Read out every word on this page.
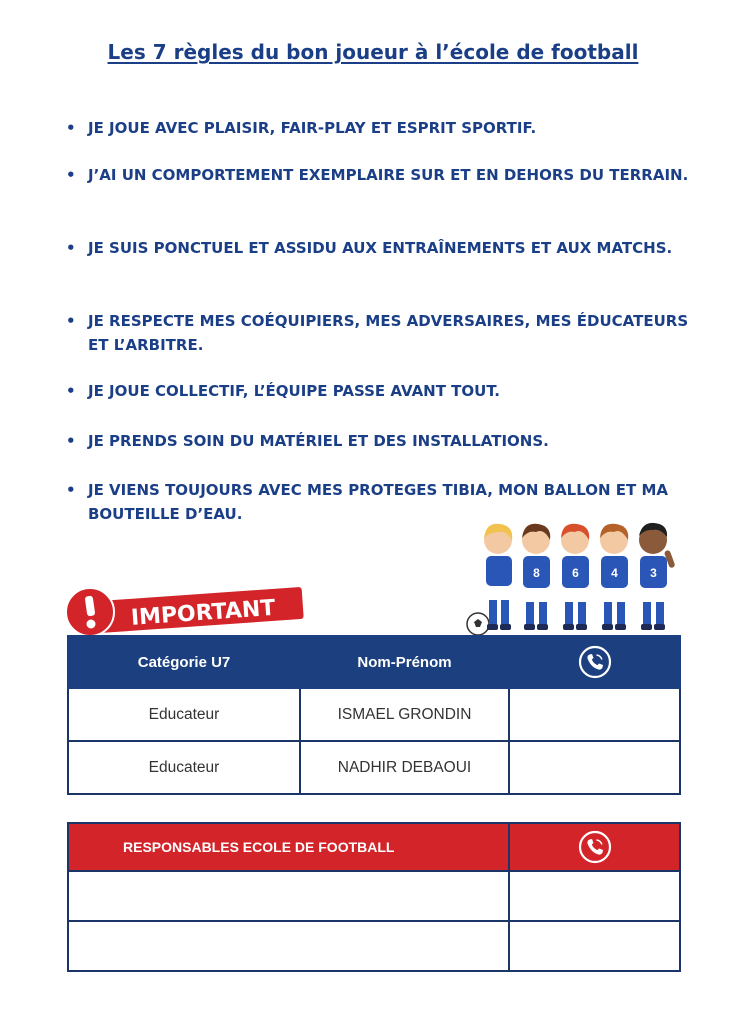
Les 7 règles du bon joueur à l’école de football
• JE JOUE AVEC PLAISIR, FAIR-PLAY ET ESPRIT SPORTIF.
• J’AI UN COMPORTEMENT EXEMPLAIRE SUR ET EN DEHORS DU TERRAIN.
• JE SUIS PONCTUEL ET ASSIDU AUX ENTRAÎNEMENTS ET AUX MATCHS.
• JE RESPECTE MES COÉQUIPIERS, MES ADVERSAIRES, MES ÉDUCATEURS ET L’ARBITRE.
• JE JOUE COLLECTIF, L’ÉQUIPE PASSE AVANT TOUT.
• JE PRENDS SOIN DU MATÉRIEL ET DES INSTALLATIONS.
• JE VIENS TOUJOURS AVEC MES PROTEGES TIBIA, MON BALLON ET MA BOUTEILLE D’EAU.
8	6	4	3
IMPORTANT
Catégorie U7	Nom-Prénom	
Educateur	ISMAEL GRONDIN	
Educateur	NADHIR DEBAOUI	
RESPONSABLES ECOLE DE FOOTBALL	
